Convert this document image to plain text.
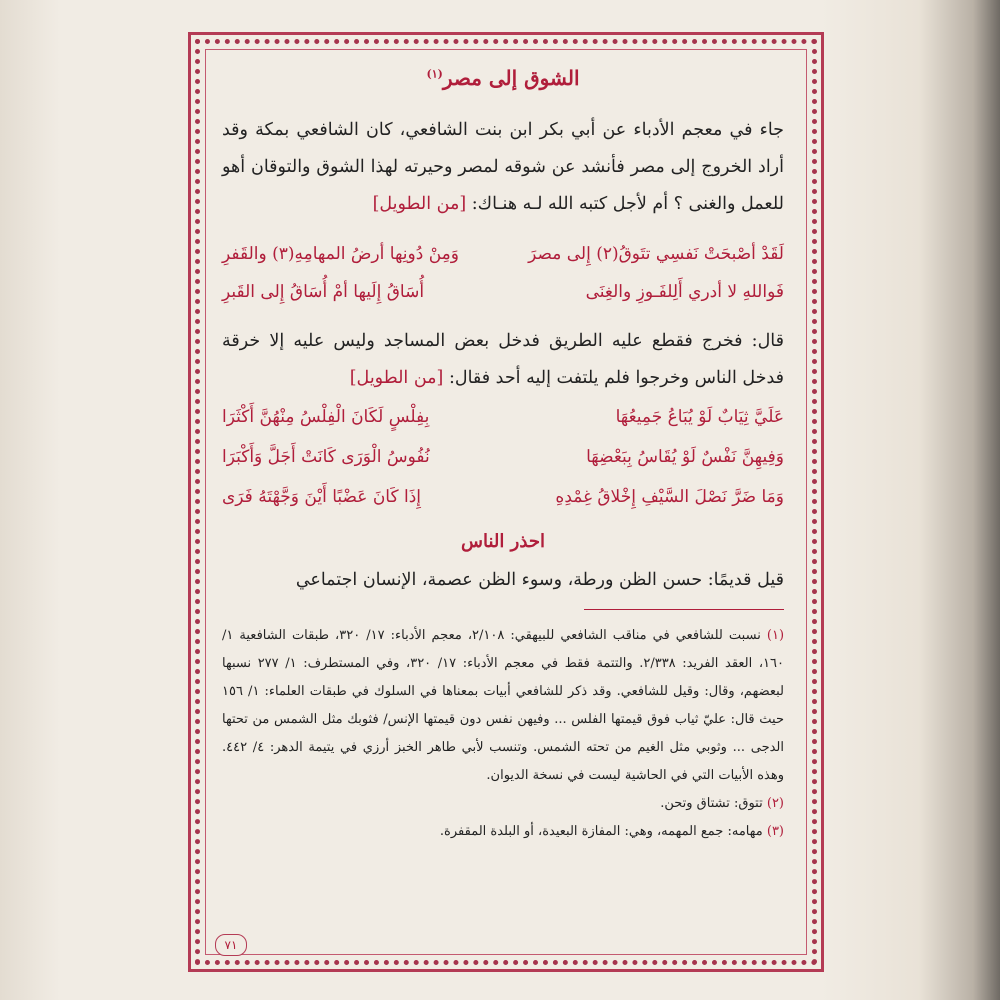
الشوق إلى مصر$^{(١)}$

جاء في معجم الأدباء عن أبي بكر ابن بنت الشافعي، كان الشافعي بمكة وقد أراد الخروج إلى مصر فأنشد عن شوقه لمصر وحيرته لهذا الشوق والتوقان أهو للعمل والغنى ؟ أم لأجل كتبه الله لـه هنـاك: [من الطويل]

لَقَدْ أصْبحَتْ نَفسِي تتَوقُ(٢) إِلى مصرَ
وَمِنْ دُونِها أرضُ المهامِهِ(٣) والقَفرِ
فَواللهِ لا أدري أَلِلفَـوزِ والغِنَى
أُسَاقُ إِلَيها أمْ أُسَاقُ إِلى القَبرِ

قال: فخرج فقطع عليه الطريق فدخل بعض المساجد وليس عليه إلا خرقة فدخل الناس وخرجوا فلم يلتفت إليه أحد فقال: [من الطويل]

عَلَيَّ ثِيَابٌ لَوْ يُبَاعُ جَمِيعُهَا
بِفِلْسٍ لَكَانَ الْفِلْسُ مِنْهُنَّ أَكْثَرَا
وَفِيهِنَّ نَفْسٌ لَوْ يُقَاسُ بِبَعْضِهَا
نُفُوسُ الْوَرَى كَانَتْ أَجَلَّ وَأَكْبَرَا
وَمَا ضَرَّ نَصْلَ السَّيْفِ إِخْلاقُ غِمْدِهِ
إِذَا كَانَ عَضْبًا أَيْنَ وَجَّهْتَهُ فَرَى
احذر الناس

قيل قديمًا: حسن الظن ورطة، وسوء الظن عصمة، الإنسان اجتماعي

(١) نسبت للشافعي في مناقب الشافعي للبيهقي: ٢/١٠٨، معجم الأدباء: ١٧/ ٣٢٠، طبقات الشافعية ١/ ١٦٠، العقد الفريد: ٢/٣٣٨. والتتمة فقط في معجم الأدباء: ١٧/ ٣٢٠، وفي المستطرف: ١/ ٢٧٧ نسبها لبعضهم، وقال: وقيل للشافعي. وقد ذكر للشافعي أبيات بمعناها في السلوك في طبقات العلماء: ١/ ١٥٦ حيث قال: عليّ ثياب فوق قيمتها الفلس ... وفيهن نفس دون قيمتها الإنس/ فثوبك مثل الشمس من تحتها الدجى ... وثوبي مثل الغيم من تحته الشمس. وتنسب لأبي طاهر الخبز أرزي في يتيمة الدهر: ٤/ ٤٤٢. وهذه الأبيات التي في الحاشية ليست في نسخة الديوان.

(٢) تتوق: تشتاق وتحن.

(٣) مهامه: جمع المهمه، وهي: المفازة البعيدة، أو البلدة المقفرة.

٧١
